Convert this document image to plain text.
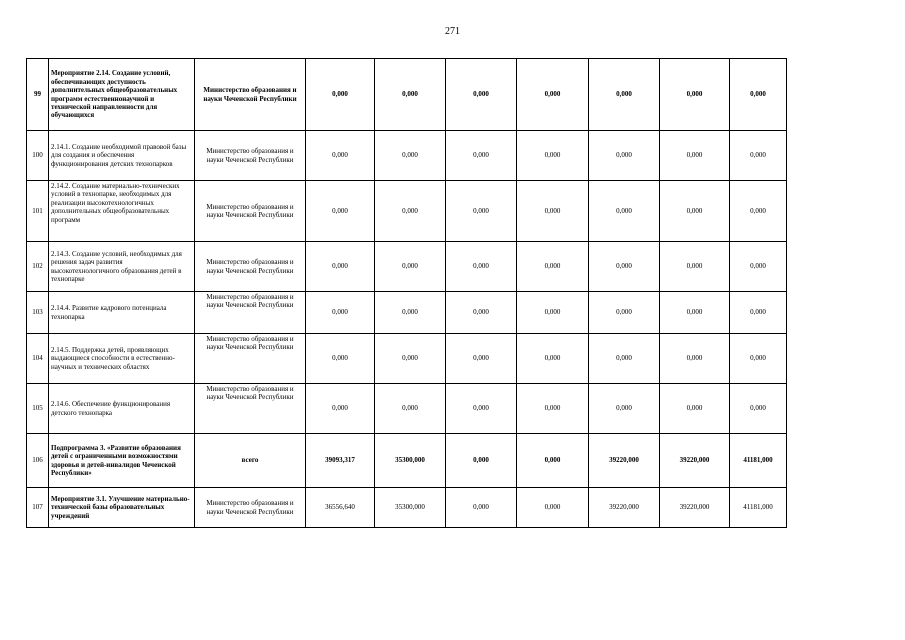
271
99	Мероприятие 2.14. Создание условий, обеспечивающих доступность дополнительных общеобразовательных программ естественнонаучной и технической направленности для обучающихся	Министерство образования и науки Чеченской Республики	0,000	0,000	0,000	0,000	0,000	0,000	0,000
100	2.14.1. Создание необходимой правовой базы для создания и обеспечения функционирования детских технопарков	Министерство образования и науки Чеченской Республики	0,000	0,000	0,000	0,000	0,000	0,000	0,000
101	2.14.2. Создание материально-технических условий в технопарке, необходимых для реализации высокотехнологичных дополнительных общеобразовательных программ	Министерство образования и науки Чеченской Республики	0,000	0,000	0,000	0,000	0,000	0,000	0,000
102	2.14.3. Создание условий, необходимых для решения задач развития высокотехнологичного образования детей в технопарке	Министерство образования и науки Чеченской Республики	0,000	0,000	0,000	0,000	0,000	0,000	0,000
103	2.14.4. Развитие кадрового потенциала технопарка	Министерство образования и науки Чеченской Республики	0,000	0,000	0,000	0,000	0,000	0,000	0,000
104	2.14.5. Поддержка детей, проявляющих выдающиеся способности в естественно-научных и технических областях	Министерство образования и науки Чеченской Республики	0,000	0,000	0,000	0,000	0,000	0,000	0,000
105	2.14.6. Обеспечение функционирования детского технопарка	Министерство образования и науки Чеченской Республики	0,000	0,000	0,000	0,000	0,000	0,000	0,000
106	Подпрограмма 3. «Развитие образования детей с ограниченными возможностями здоровья и детей-инвалидов Чеченской Республики»	всего	39093,317	35300,000	0,000	0,000	39220,000	39220,000	41181,000
107	Мероприятие 3.1. Улучшение материально-технической базы образовательных учреждений	Министерство образования и науки Чеченской Республики	36556,640	35300,000	0,000	0,000	39220,000	39220,000	41181,000
